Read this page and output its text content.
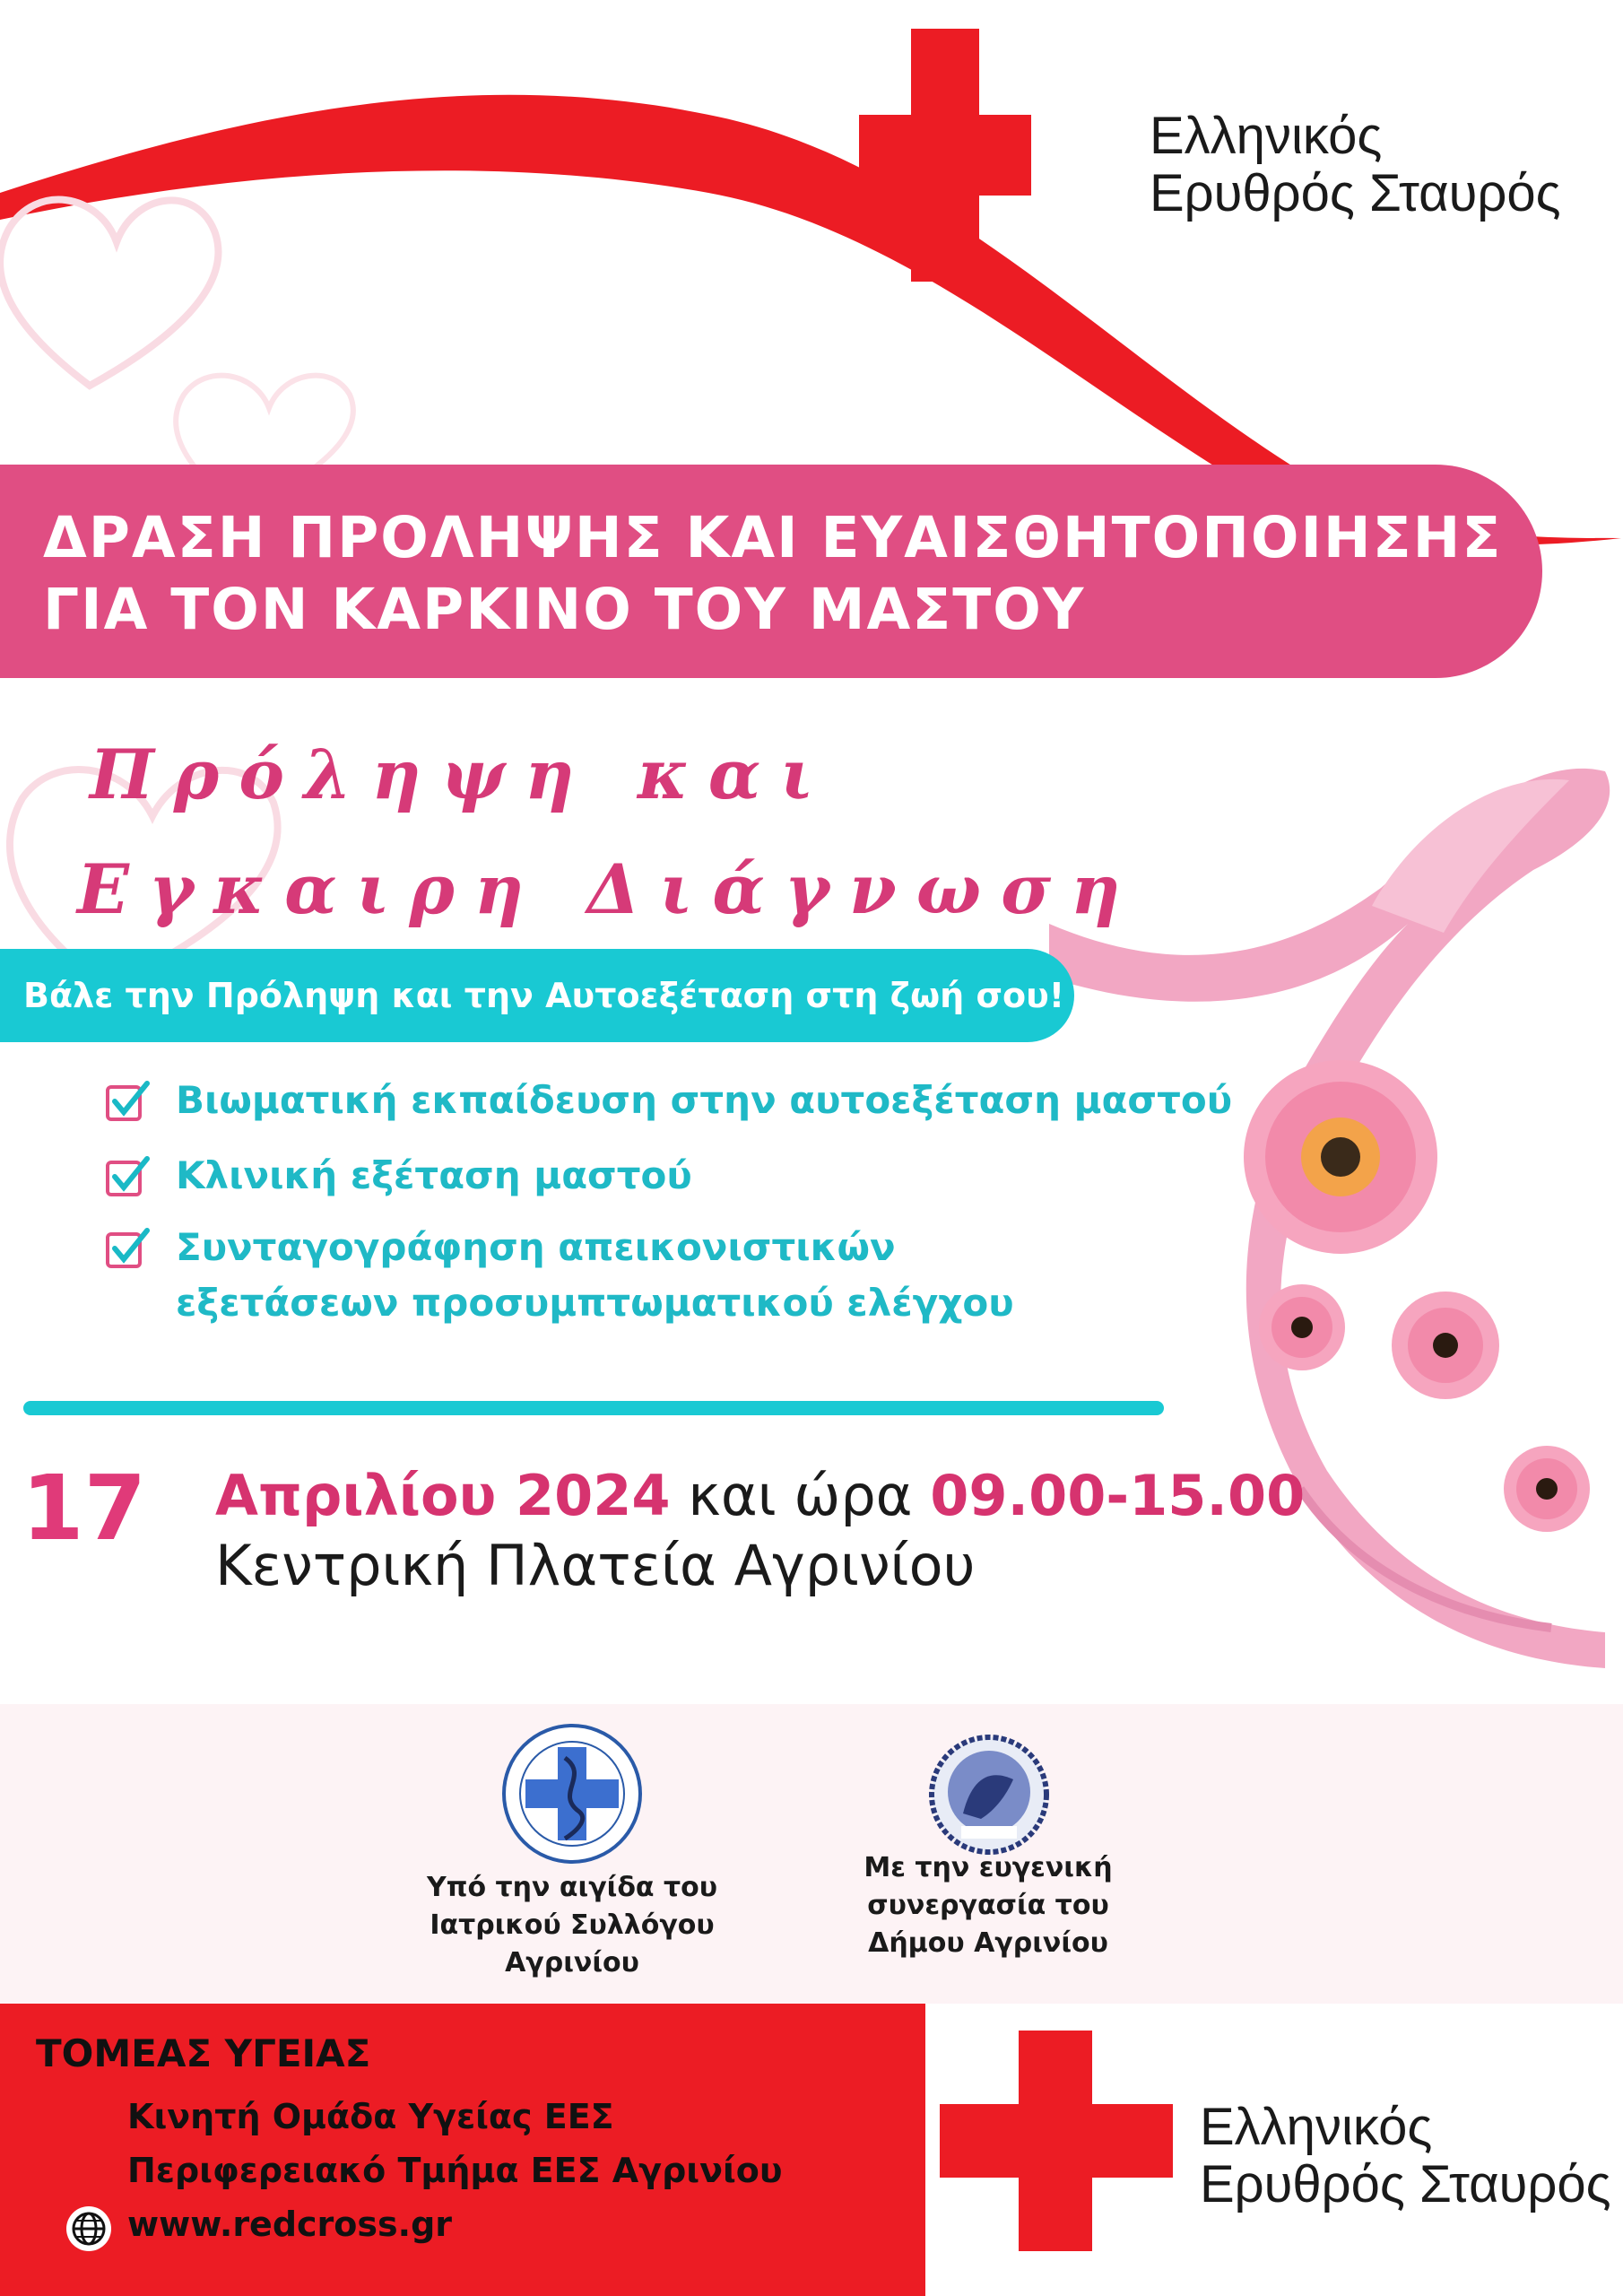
Ελληνικός
Ερυθρός Σταυρός
ΔΡΑΣΗ ΠΡΟΛΗΨΗΣ ΚΑΙ ΕΥΑΙΣΘΗΤΟΠΟΙΗΣΗΣ
ΓΙΑ ΤΟΝ ΚΑΡΚΙΝΟ ΤΟΥ ΜΑΣΤΟΥ
Πρόληψη και
Εγκαιρη Διάγνωση
Βάλε την Πρόληψη και την Αυτοεξέταση στη ζωή σου!
Βιωματική εκπαίδευση στην αυτοεξέταση μαστού
Κλινική εξέταση μαστού
Συνταγογράφηση απεικονιστικών
εξετάσεων προσυμπτωματικού ελέγχου
17 Απριλίου 2024 και ώρα 09.00-15.00
Κεντρική Πλατεία Αγρινίου
Υπό την αιγίδα του
Ιατρικού Συλλόγου
Αγρινίου
Με την ευγενική
συνεργασία του
Δήμου Αγρινίου
ΤΟΜΕΑΣ ΥΓΕΙΑΣ
Κινητή Ομάδα Υγείας ΕΕΣ
Περιφερειακό Τμήμα ΕΕΣ Αγρινίου
www.redcross.gr
Ελληνικός
Ερυθρός Σταυρός
